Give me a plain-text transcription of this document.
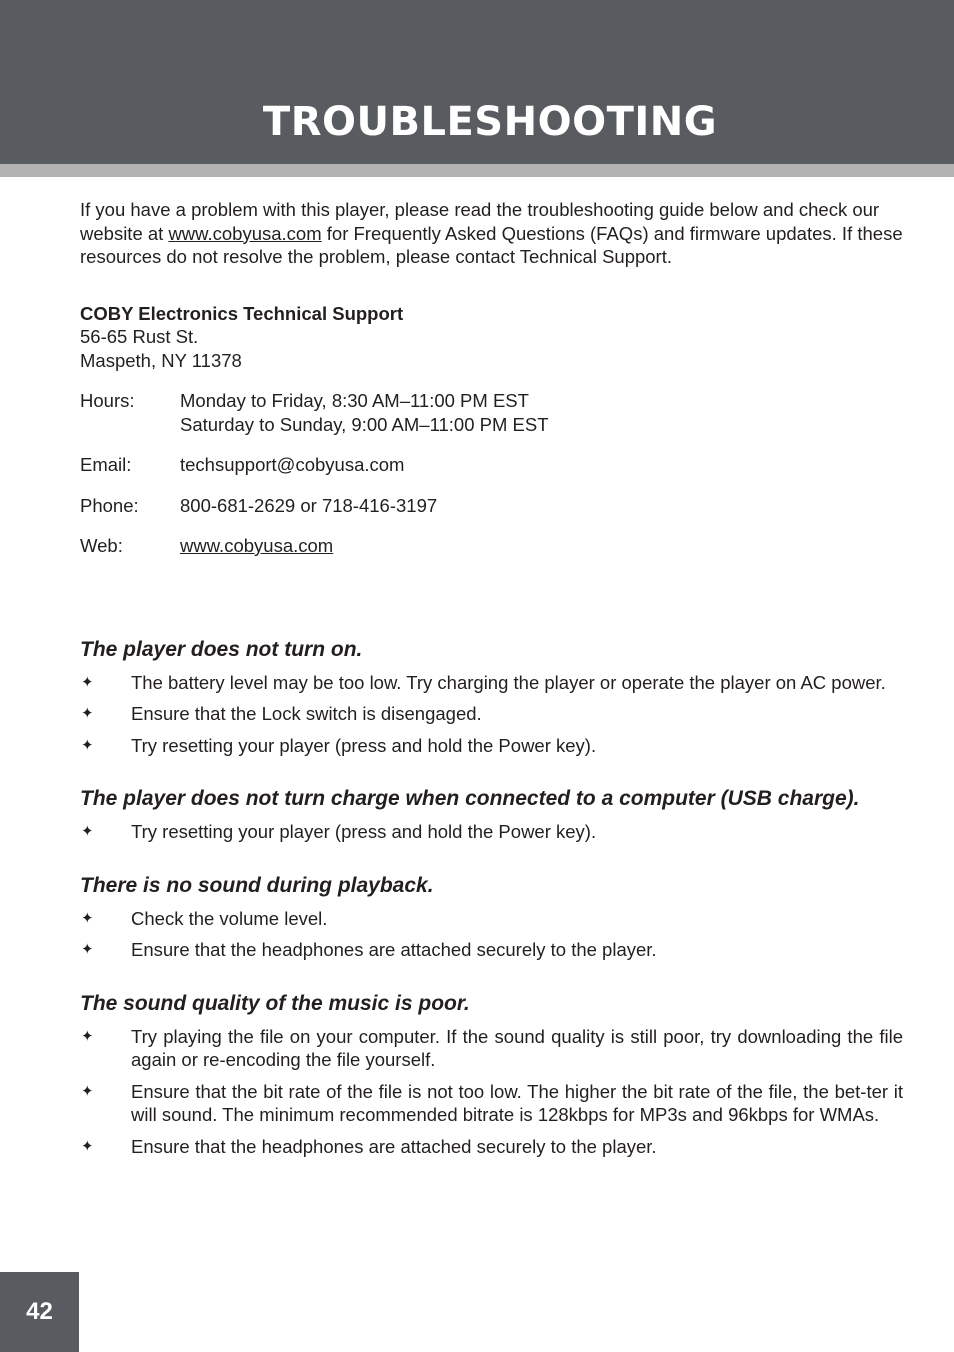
TROUBLESHOOTING

If you have a problem with this player, please read the troubleshooting guide below and check our website at www.cobyusa.com for Frequently Asked Questions (FAQs) and firmware updates. If these resources do not resolve the problem, please contact Technical Support.

COBY Electronics Technical Support
56-65 Rust St.
Maspeth, NY 11378
Hours:	Monday to Friday, 8:30 AM–11:00 PM EST
Saturday to Sunday, 9:00 AM–11:00 PM EST
Email:	techsupport@cobyusa.com
Phone:	800-681-2629 or 718-416-3197
Web:	www.cobyusa.com
The player does not turn on.
✦	The battery level may be too low. Try charging the player or operate the player on AC power.
✦	Ensure that the Lock switch is disengaged.
✦	Try resetting your player (press and hold the Power key).
The player does not turn charge when connected to a computer (USB charge).
✦	Try resetting your player (press and hold the Power key).
There is no sound during playback.
✦	Check the volume level.
✦	Ensure that the headphones are attached securely to the player.
The sound quality of the music is poor.
✦	Try playing the file on your computer. If the sound quality is still poor, try downloading the file again or re-encoding the file yourself.
✦	Ensure that the bit rate of the file is not too low. The higher the bit rate of the file, the bet-ter it will sound. The minimum recommended bitrate is 128kbps for MP3s and 96kbps for WMAs.
✦	Ensure that the headphones are attached securely to the player.
42
